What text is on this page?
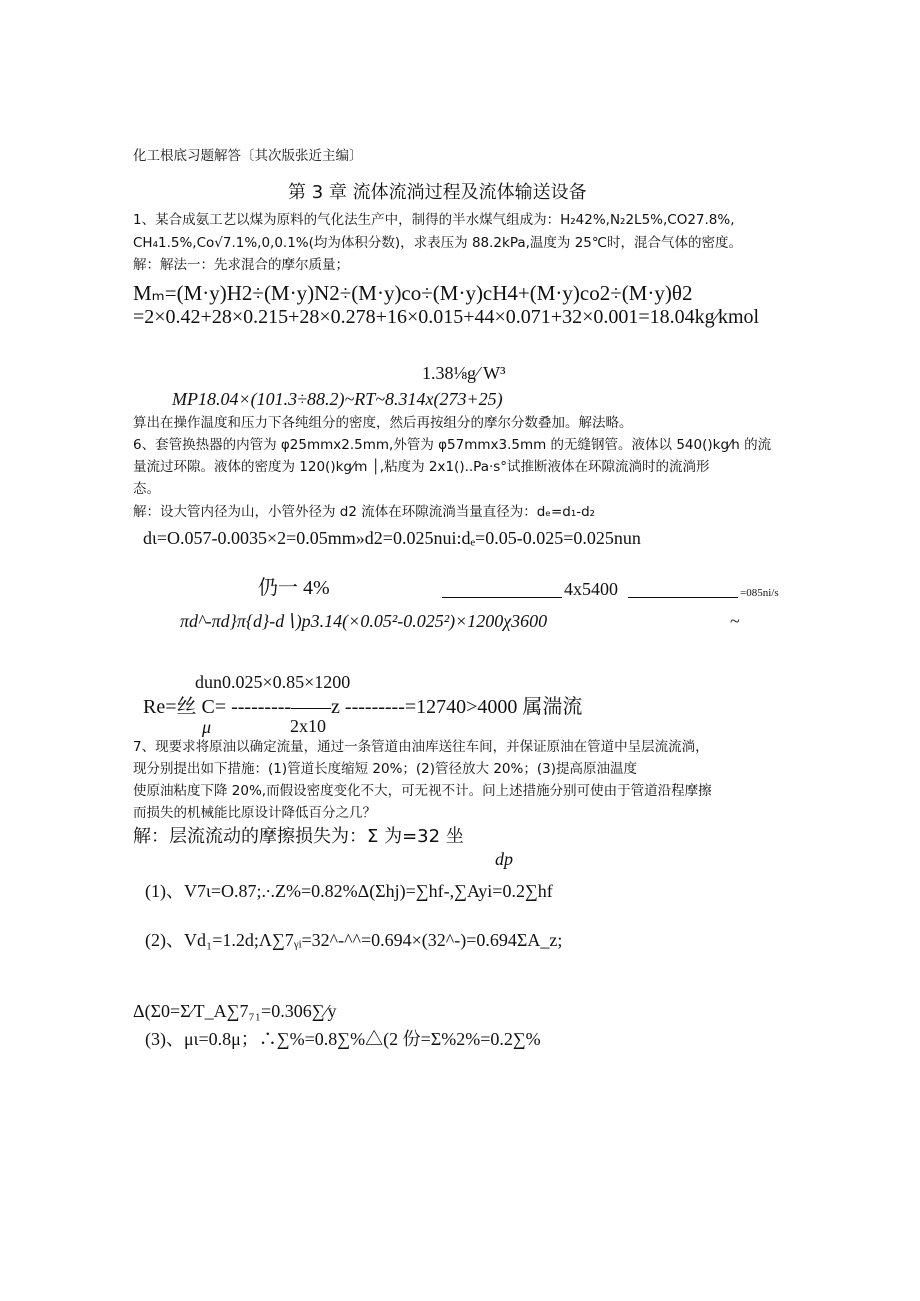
化工根底习题解答〔其次版张近主编〕
第 3 章 流体流淌过程及流体输送设备
1、某合成氨工艺以煤为原料的气化法生产中，制得的半水煤气组成为：H₂42%,N₂2L5%,CO27.8%,
CH₄1.5%,Co√7.1%,0,0.1%(均为体积分数)，求表压为 88.2kPa,温度为 25℃时，混合气体的密度。
解：解法一：先求混合的摩尔质量；
Mₘ=(M·y)H2÷(M·y)N2÷(M·y)co÷(M·y)cH4+(M·y)co2÷(M·y)θ2
=2×0.42+28×0.215+28×0.278+16×0.015+44×0.071+32×0.001=18.04kg⁄kmol
1.38⅛g⁄ W³
MP18.04×(101.3÷88.2)~RT~8.314x(273+25)
算出在操作温度和压力下各纯组分的密度，然后再按组分的摩尔分数叠加。解法略。
6、套管换热器的内管为 φ25mmx2.5mm,外管为 φ57mmx3.5mm 的无缝钢管。液体以 540()kg⁄h 的流
量流过环隙。液体的密度为 120()kg⁄m │,粘度为 2x1()..Pa·s°试推断液体在环隙流淌时的流淌形
态。
解：设大管内径为山，小管外径为 d2 流体在环隙流淌当量直径为：dₑ=d₁-d₂
dι=O.057-0.0035×2=0.05mm»d2=0.025nui:dₑ=0.05-0.025=0.025nun
仍一 4%	4x5400	=085ni/s
πd^-πd}π{d}-d∖)p3.14(×0.05²-0.025²)×1200χ3600	~
dun0.025×0.85×1200
Re=丝 C= ---------——z ---------=12740>4000 属湍流
μ	2x10
7、现要求将原油以确定流量，通过一条管道由油库送往车间，并保证原油在管道中呈层流流淌，
现分别提出如下措施：(1)管道长度缩短 20%；(2)管径放大 20%；(3)提高原油温度
使原油粘度下降 20%,而假设密度变化不大，可无视不计。问上述措施分别可使由于管道沿程摩擦
而损失的机械能比原设计降低百分之几？
解：层流流动的摩擦损失为：Σ 为=32 坐
dp
(1)、V7ι=O.87;.∙.Z%=0.82%Δ(Σhj)=∑hf-,∑Ayi=0.2∑hf
(2)、Vd₁=1.2d;Λ∑7ᵧᵢ=32^-^^=0.694×(32^-)=0.694ΣA_z;
Δ(Σ0=Σ⁄T_A∑7₇₁=0.306∑⁄y
(3)、μι=0.8μ；∴∑%=0.8∑%△(2 份=Σ%2%=0.2∑%
